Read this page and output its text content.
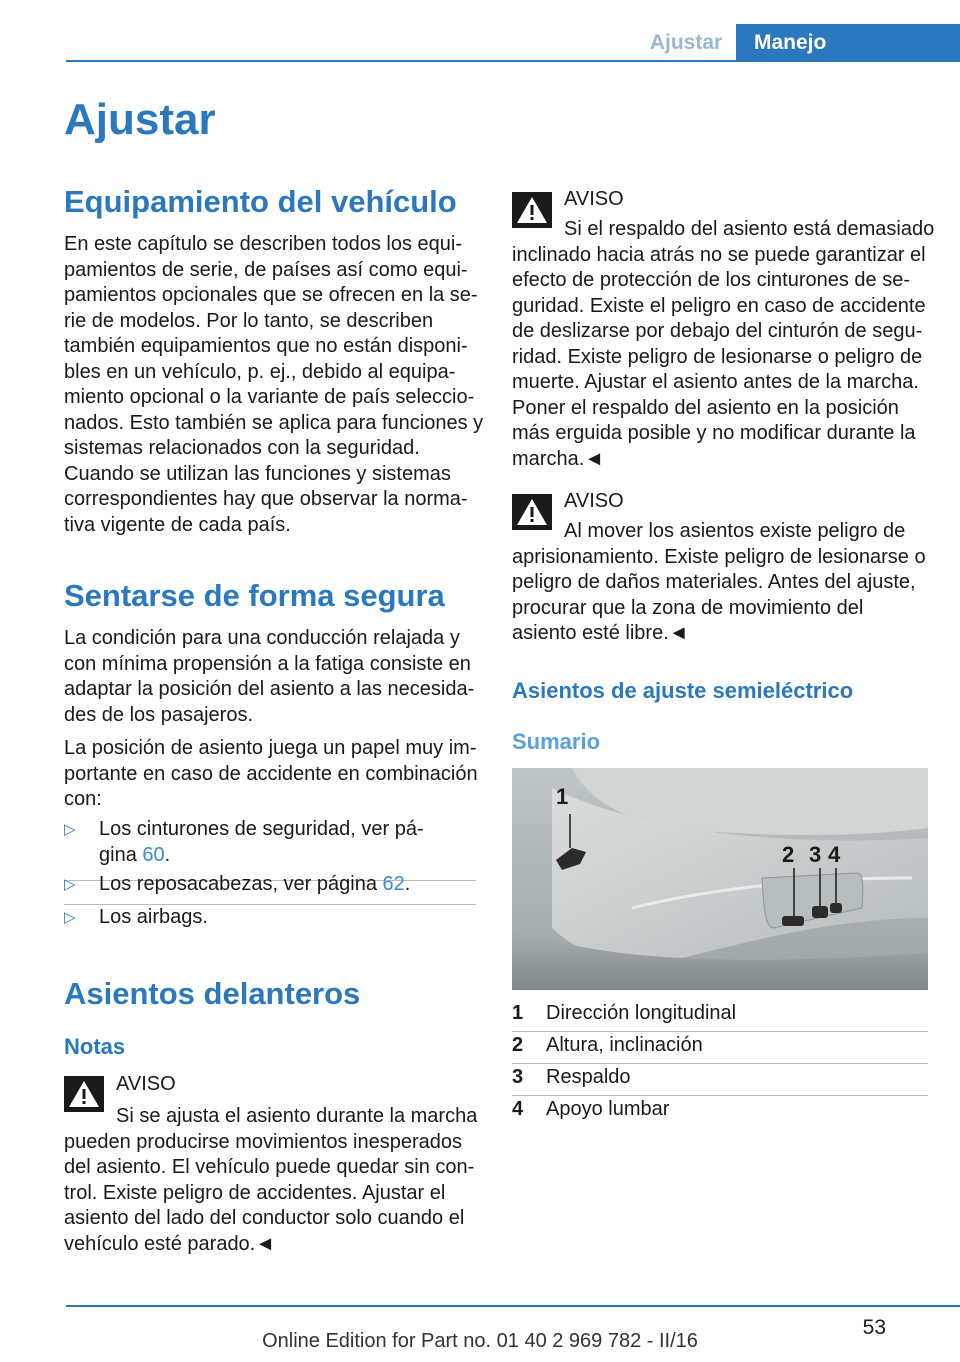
Ajustar	Manejo
Ajustar
Equipamiento del vehículo
En este capítulo se describen todos los equi-
pamientos de serie, de países así como equi-
pamientos opcionales que se ofrecen en la se-
rie de modelos. Por lo tanto, se describen
también equipamientos que no están disponi-
bles en un vehículo, p. ej., debido al equipa-
miento opcional o la variante de país seleccio-
nados. Esto también se aplica para funciones y
sistemas relacionados con la seguridad.
Cuando se utilizan las funciones y sistemas
correspondientes hay que observar la norma-
tiva vigente de cada país.
Sentarse de forma segura
La condición para una conducción relajada y
con mínima propensión a la fatiga consiste en
adaptar la posición del asiento a las necesida-
des de los pasajeros.
La posición de asiento juega un papel muy im-
portante en caso de accidente en combinación
con:
▷	Los cinturones de seguridad, ver pá-
gina 60.
▷	Los reposacabezas, ver página 62.
▷	Los airbags.
Asientos delanteros
Notas
AVISO
Si se ajusta el asiento durante la marcha
pueden producirse movimientos inesperados
del asiento. El vehículo puede quedar sin con-
trol. Existe peligro de accidentes. Ajustar el
asiento del lado del conductor solo cuando el
vehículo esté parado.◄
AVISO
Si el respaldo del asiento está demasiado
inclinado hacia atrás no se puede garantizar el
efecto de protección de los cinturones de se-
guridad. Existe el peligro en caso de accidente
de deslizarse por debajo del cinturón de segu-
ridad. Existe peligro de lesionarse o peligro de
muerte. Ajustar el asiento antes de la marcha.
Poner el respaldo del asiento en la posición
más erguida posible y no modificar durante la
marcha.◄
AVISO
Al mover los asientos existe peligro de
aprisionamiento. Existe peligro de lesionarse o
peligro de daños materiales. Antes del ajuste,
procurar que la zona de movimiento del
asiento esté libre.◄
Asientos de ajuste semieléctrico
Sumario
1
2 3 4
1	Dirección longitudinal
2	Altura, inclinación
3	Respaldo
4	Apoyo lumbar
53
Online Edition for Part no. 01 40 2 969 782 - II/16
